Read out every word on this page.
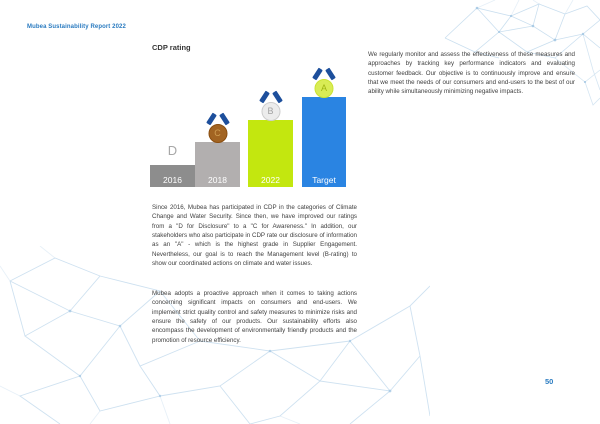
Mubea Sustainability Report 2022
CDP rating
D
2016
C
2018
B
2022
A
Target

Since 2016, Mubea has participated in CDP in the categories of Climate Change and Water Security. Since then, we have improved our ratings from a "D for Disclosure" to a "C for Awareness." In addition, our stakeholders who also participate in CDP rate our disclosure of information as an "A" - which is the highest grade in Supplier Engagement. Nevertheless, our goal is to reach the Management level (B-rating) to show our coordinated actions on climate and water issues.

Mubea adopts a proactive approach when it comes to taking actions concerning significant impacts on consumers and end-users. We implement strict quality control and safety measures to minimize risks and ensure the safety of our products. Our sustainability efforts also encompass the development of environmentally friendly products and the promotion of resource efficiency.

We regularly monitor and assess the effectiveness of these measures and approaches by tracking key performance indicators and evaluating customer feedback. Our objective is to continuously improve and ensure that we meet the needs of our consumers and end-users to the best of our ability while simultaneously minimizing negative impacts.

50
